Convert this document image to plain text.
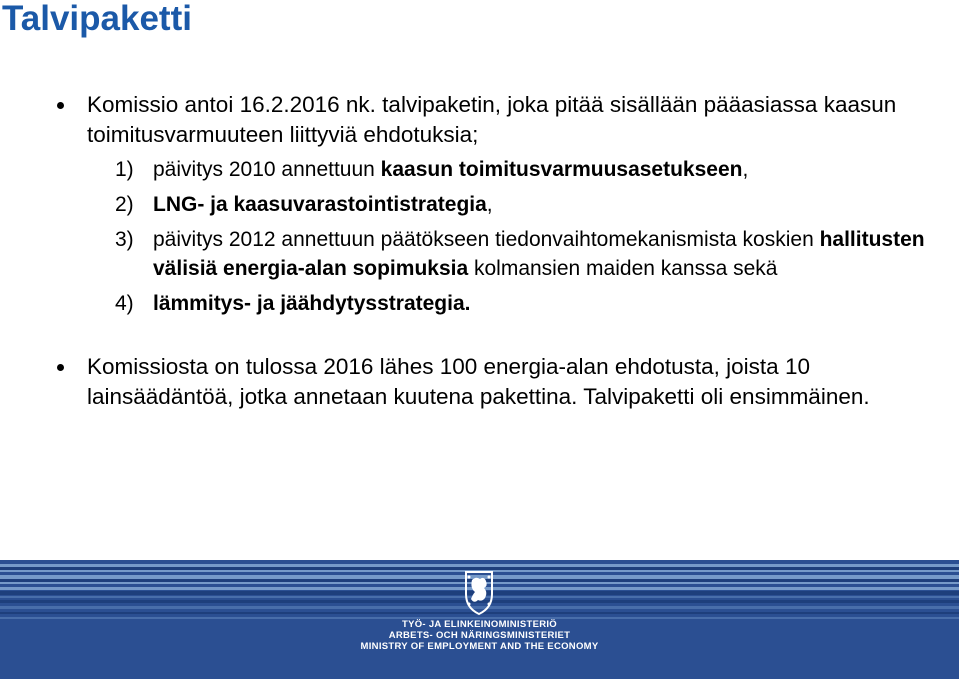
Talvipaketti
Komissio antoi 16.2.2016 nk. talvipaketin, joka pitää sisällään pääasiassa kaasun toimitusvarmuuteen liittyviä ehdotuksia;
1) päivitys 2010 annettuun kaasun toimitusvarmuusasetukseen,
2) LNG- ja kaasuvarastointistrategia,
3) päivitys 2012 annettuun päätökseen tiedonvaihtomekanismista koskien hallitusten välisiä energia-alan sopimuksia kolmansien maiden kanssa sekä
4) lämmitys- ja jäähdytysstrategia.
Komissiosta on tulossa 2016 lähes 100 energia-alan ehdotusta, joista 10 lainsäädäntöä, jotka annetaan kuutena pakettina. Talvipaketti oli ensimmäinen.
TYÖ- JA ELINKEINOMINISTERIÖ
ARBETS- OCH NÄRINGSMINISTERIET
MINISTRY OF EMPLOYMENT AND THE ECONOMY
